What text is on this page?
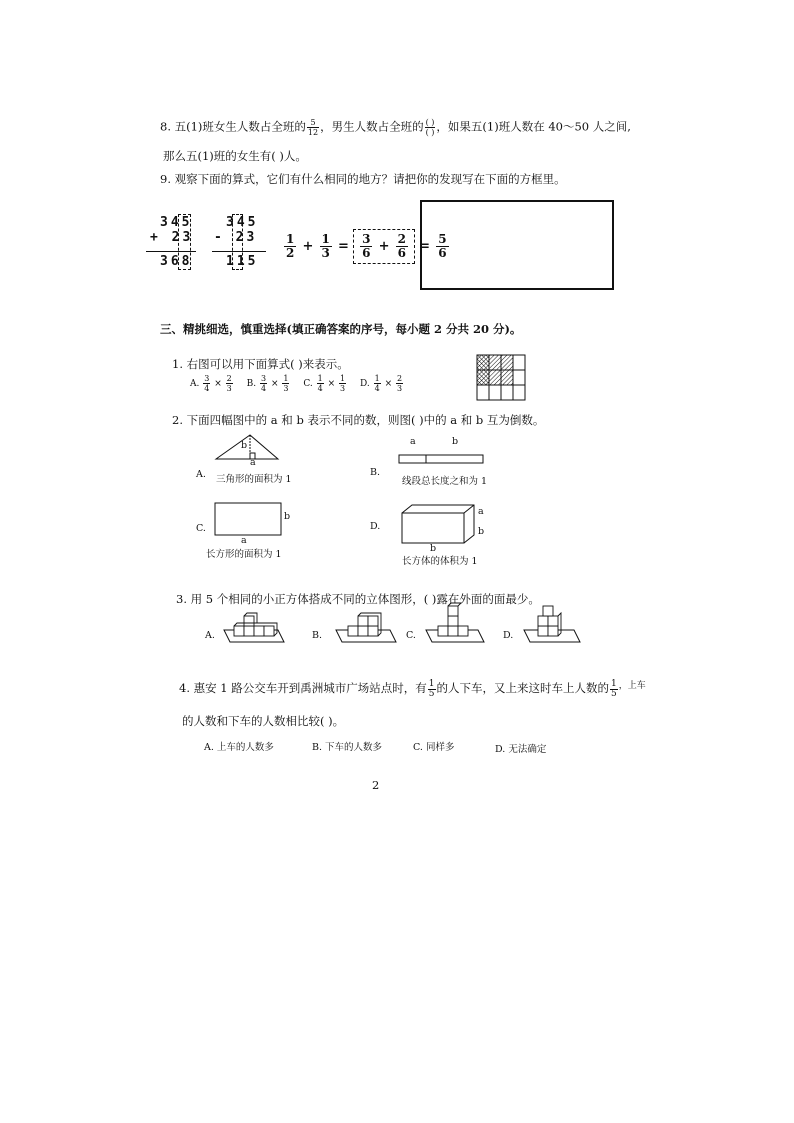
8. 五(1)班女生人数占全班的 $\frac{5}{12}$ ，男生人数占全班的 $\frac{( )}{( )}$ ，如果五(1)班人数在 40～50 人之间,
那么五(1)班的女生有( )人。
9. 观察下面的算式，它们有什么相同的地方？请把你的发现写在下面的方框里。
345
+ 23
368
345
- 23
115
$\frac{1}{2} + \frac{1}{3} = \frac{3}{6} + \frac{2}{6} = \frac{5}{6}$
三、精挑细选，慎重选择(填正确答案的序号，每小题 2 分共 20 分)。
1. 右图可以用下面算式( )来表示。
A. $\frac{3}{4} \times \frac{2}{3} B$. $\frac{3}{4} \times \frac{1}{3} C$. $\frac{1}{4} \times \frac{1}{3} D$. $\frac{1}{4} \times \frac{2}{3}$
2. 下面四幅图中的 a 和 b 表示不同的数，则图( )中的 a 和 b 互为倒数。
A.
b
a
三角形的面积为 1
B.
a	b
线段总长度之和为 1
C.
b
a
长方形的面积为 1
D.
a
b
b
长方体的体积为 1
3. 用 5 个相同的小正方体搭成不同的立体图形，( )露在外面的面最少。
A.	B.	C.	D.
4. 惠安 1 路公交车开到禹洲城市广场站点时，有 $\frac{1}{5}$ 的人下车，又上来这时车上人数的 $\frac{1}{5} ^{,上车}$
的人数和下车的人数相比较( )。
A. 上车的人数多	B. 下车的人数多	C. 同样多	D. 无法确定
2
